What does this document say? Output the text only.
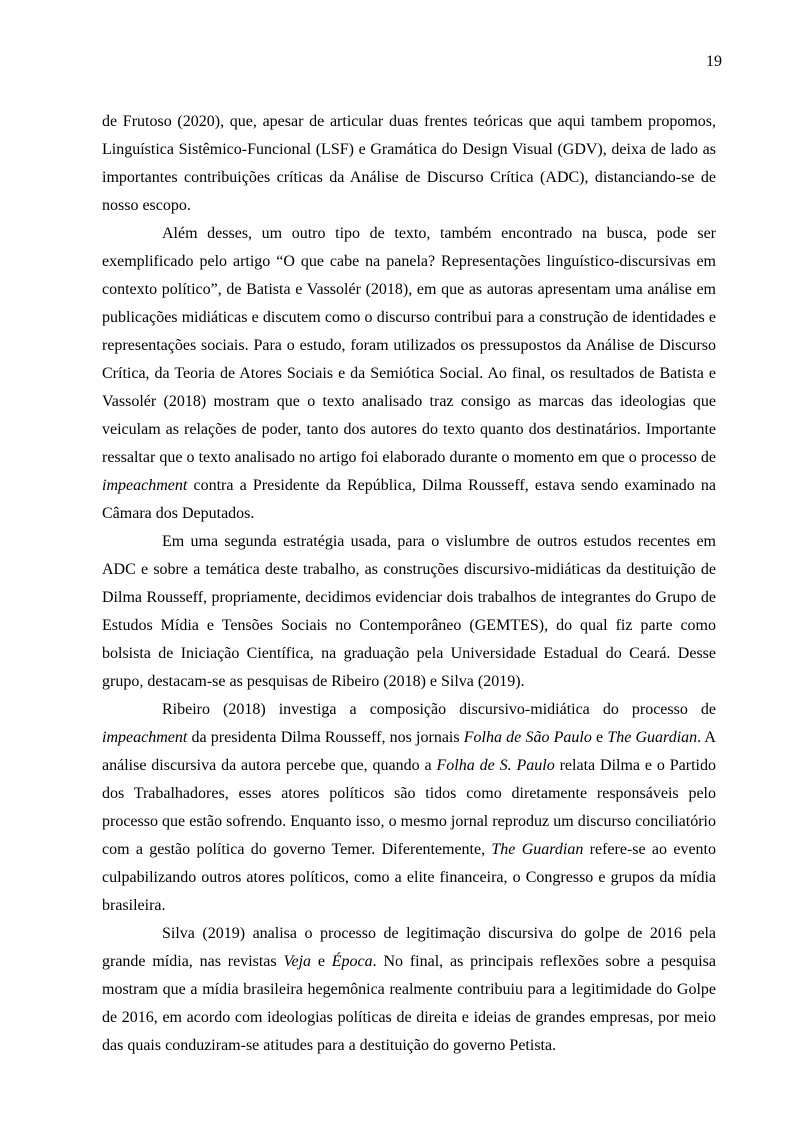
19

de Frutoso (2020), que, apesar de articular duas frentes teóricas que aqui tambem propomos, Linguística Sistêmico-Funcional (LSF) e Gramática do Design Visual (GDV), deixa de lado as importantes contribuições críticas da Análise de Discurso Crítica (ADC), distanciando-se de nosso escopo.

Além desses, um outro tipo de texto, também encontrado na busca, pode ser exemplificado pelo artigo “O que cabe na panela? Representações linguístico-discursivas em contexto político”, de Batista e Vassolér (2018), em que as autoras apresentam uma análise em publicações midiáticas e discutem como o discurso contribui para a construção de identidades e representações sociais. Para o estudo, foram utilizados os pressupostos da Análise de Discurso Crítica, da Teoria de Atores Sociais e da Semiótica Social. Ao final, os resultados de Batista e Vassolér (2018) mostram que o texto analisado traz consigo as marcas das ideologias que veiculam as relações de poder, tanto dos autores do texto quanto dos destinatários. Importante ressaltar que o texto analisado no artigo foi elaborado durante o momento em que o processo de impeachment contra a Presidente da República, Dilma Rousseff, estava sendo examinado na Câmara dos Deputados.

Em uma segunda estratégia usada, para o vislumbre de outros estudos recentes em ADC e sobre a temática deste trabalho, as construções discursivo-midiáticas da destituição de Dilma Rousseff, propriamente, decidimos evidenciar dois trabalhos de integrantes do Grupo de Estudos Mídia e Tensões Sociais no Contemporâneo (GEMTES), do qual fiz parte como bolsista de Iniciação Científica, na graduação pela Universidade Estadual do Ceará. Desse grupo, destacam-se as pesquisas de Ribeiro (2018) e Silva (2019).

Ribeiro (2018) investiga a composição discursivo-midiática do processo de impeachment da presidenta Dilma Rousseff, nos jornais Folha de São Paulo e The Guardian. A análise discursiva da autora percebe que, quando a Folha de S. Paulo relata Dilma e o Partido dos Trabalhadores, esses atores políticos são tidos como diretamente responsáveis pelo processo que estão sofrendo. Enquanto isso, o mesmo jornal reproduz um discurso conciliatório com a gestão política do governo Temer. Diferentemente, The Guardian refere-se ao evento culpabilizando outros atores políticos, como a elite financeira, o Congresso e grupos da mídia brasileira.

Silva (2019) analisa o processo de legitimação discursiva do golpe de 2016 pela grande mídia, nas revistas Veja e Época. No final, as principais reflexões sobre a pesquisa mostram que a mídia brasileira hegemônica realmente contribuiu para a legitimidade do Golpe de 2016, em acordo com ideologias políticas de direita e ideias de grandes empresas, por meio das quais conduziram-se atitudes para a destituição do governo Petista.
